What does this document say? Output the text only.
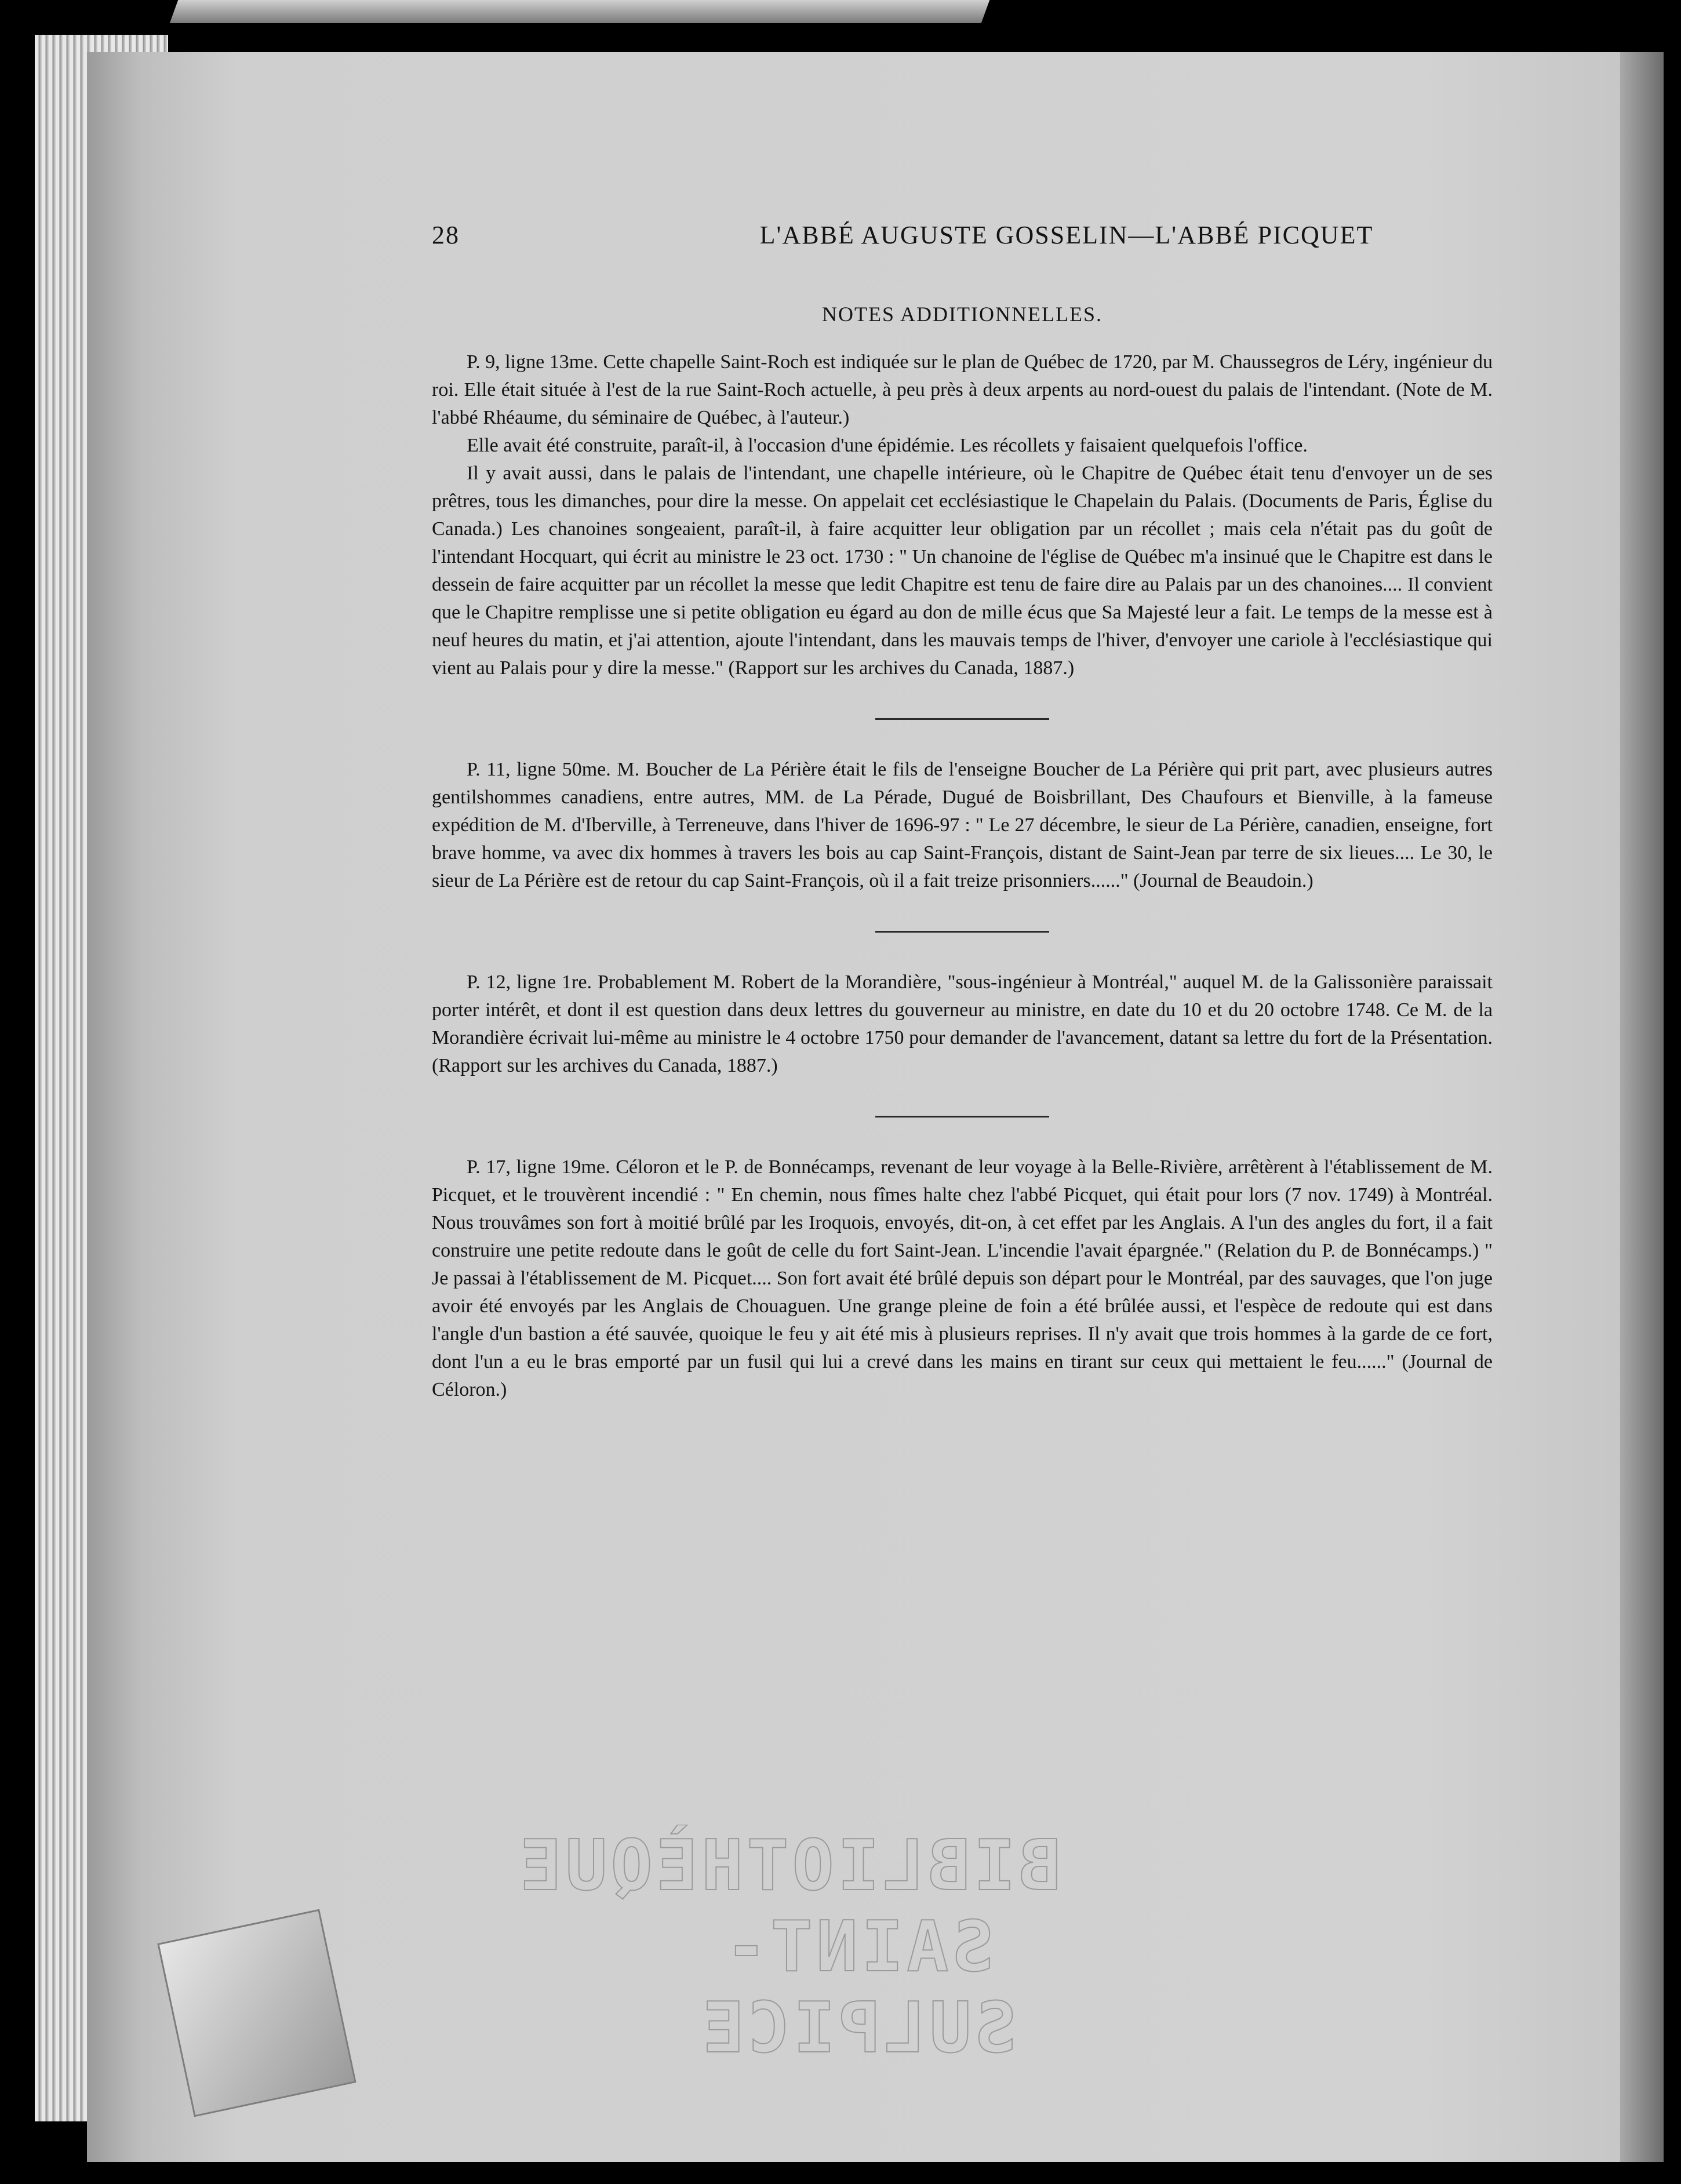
28	L'ABBÉ AUGUSTE GOSSELIN—L'ABBÉ PICQUET
NOTES ADDITIONNELLES.

P. 9, ligne 13me. Cette chapelle Saint-Roch est indiquée sur le plan de Québec de 1720, par M. Chaussegros de Léry, ingénieur du roi. Elle était située à l'est de la rue Saint-Roch actuelle, à peu près à deux arpents au nord-ouest du palais de l'intendant. (Note de M. l'abbé Rhéaume, du séminaire de Québec, à l'auteur.)

Elle avait été construite, paraît-il, à l'occasion d'une épidémie. Les récollets y faisaient quelquefois l'office.

Il y avait aussi, dans le palais de l'intendant, une chapelle intérieure, où le Chapitre de Québec était tenu d'envoyer un de ses prêtres, tous les dimanches, pour dire la messe. On appelait cet ecclésiastique le Chapelain du Palais. (Documents de Paris, Église du Canada.) Les chanoines songeaient, paraît-il, à faire acquitter leur obligation par un récollet ; mais cela n'était pas du goût de l'intendant Hocquart, qui écrit au ministre le 23 oct. 1730 : " Un chanoine de l'église de Québec m'a insinué que le Chapitre est dans le dessein de faire acquitter par un récollet la messe que ledit Chapitre est tenu de faire dire au Palais par un des chanoines.... Il convient que le Chapitre remplisse une si petite obligation eu égard au don de mille écus que Sa Majesté leur a fait. Le temps de la messe est à neuf heures du matin, et j'ai attention, ajoute l'intendant, dans les mauvais temps de l'hiver, d'envoyer une cariole à l'ecclésiastique qui vient au Palais pour y dire la messe." (Rapport sur les archives du Canada, 1887.)

P. 11, ligne 50me. M. Boucher de La Périère était le fils de l'enseigne Boucher de La Périère qui prit part, avec plusieurs autres gentilshommes canadiens, entre autres, MM. de La Pérade, Dugué de Boisbrillant, Des Chaufours et Bienville, à la fameuse expédition de M. d'Iberville, à Terreneuve, dans l'hiver de 1696-97 : " Le 27 décembre, le sieur de La Périère, canadien, enseigne, fort brave homme, va avec dix hommes à travers les bois au cap Saint-François, distant de Saint-Jean par terre de six lieues.... Le 30, le sieur de La Périère est de retour du cap Saint-François, où il a fait treize prisonniers......" (Journal de Beaudoin.)

P. 12, ligne 1re. Probablement M. Robert de la Morandière, "sous-ingénieur à Montréal," auquel M. de la Galissonière paraissait porter intérêt, et dont il est question dans deux lettres du gouverneur au ministre, en date du 10 et du 20 octobre 1748. Ce M. de la Morandière écrivait lui-même au ministre le 4 octobre 1750 pour demander de l'avancement, datant sa lettre du fort de la Présentation. (Rapport sur les archives du Canada, 1887.)

P. 17, ligne 19me. Céloron et le P. de Bonnécamps, revenant de leur voyage à la Belle-Rivière, arrêtèrent à l'établissement de M. Picquet, et le trouvèrent incendié : " En chemin, nous fîmes halte chez l'abbé Picquet, qui était pour lors (7 nov. 1749) à Montréal. Nous trouvâmes son fort à moitié brûlé par les Iroquois, envoyés, dit-on, à cet effet par les Anglais. A l'un des angles du fort, il a fait construire une petite redoute dans le goût de celle du fort Saint-Jean. L'incendie l'avait épargnée." (Relation du P. de Bonnécamps.) " Je passai à l'établissement de M. Picquet.... Son fort avait été brûlé depuis son départ pour le Montréal, par des sauvages, que l'on juge avoir été envoyés par les Anglais de Chouaguen. Une grange pleine de foin a été brûlée aussi, et l'espèce de redoute qui est dans l'angle d'un bastion a été sauvée, quoique le feu y ait été mis à plusieurs reprises. Il n'y avait que trois hommes à la garde de ce fort, dont l'un a eu le bras emporté par un fusil qui lui a crevé dans les mains en tirant sur ceux qui mettaient le feu......" (Journal de Céloron.)

BIBLIOTHÈQUE
SAINT-SULPICE
